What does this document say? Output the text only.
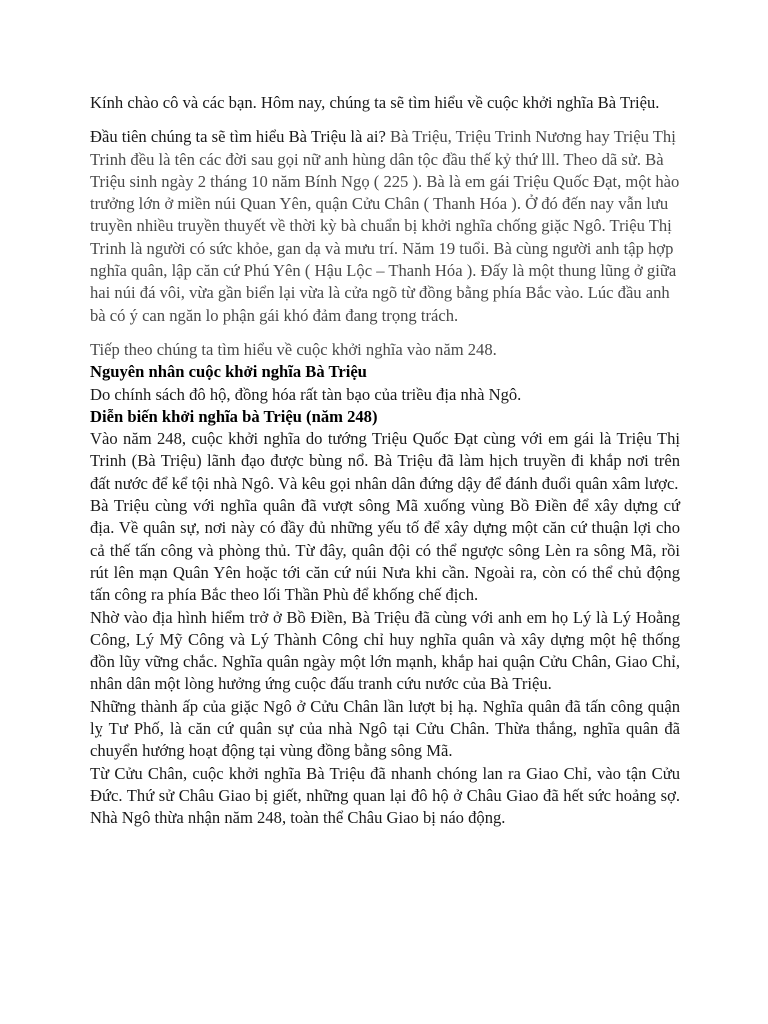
Kính chào cô và các bạn. Hôm nay, chúng ta sẽ tìm hiểu về cuộc khởi nghĩa Bà Triệu.

Đầu tiên chúng ta sẽ tìm hiểu Bà Triệu là ai? Bà Triệu, Triệu Trinh Nương hay Triệu Thị Trinh đều là tên các đời sau gọi nữ anh hùng dân tộc đầu thế kỷ thứ lll. Theo dã sử. Bà Triệu sinh ngày 2 tháng 10 năm Bính Ngọ ( 225 ). Bà là em gái Triệu Quốc Đạt, một hào trưởng lớn ở miền núi Quan Yên, quận Cửu Chân ( Thanh Hóa ). Ở đó đến nay vẫn lưu truyền nhiều truyền thuyết về thời kỳ bà chuẩn bị khởi nghĩa chống giặc Ngô. Triệu Thị Trinh là người có sức khỏe, gan dạ và mưu trí. Năm 19 tuổi. Bà cùng người anh tập hợp nghĩa quân, lập căn cứ Phú Yên ( Hậu Lộc – Thanh Hóa ). Đấy là một thung lũng ở giữa hai núi đá vôi, vừa gần biển lại vừa là cửa ngõ từ đồng bằng phía Bắc vào. Lúc đầu anh bà có ý can ngăn lo phận gái khó đảm đang trọng trách.

Tiếp theo chúng ta tìm hiểu về cuộc khởi nghĩa vào năm 248.

Nguyên nhân cuộc khởi nghĩa Bà Triệu

Do chính sách đô hộ, đồng hóa rất tàn bạo của triều địa nhà Ngô.

Diễn biến khởi nghĩa bà Triệu (năm 248)

Vào năm 248, cuộc khởi nghĩa do tướng Triệu Quốc Đạt cùng với em gái là Triệu Thị Trinh (Bà Triệu) lãnh đạo được bùng nổ. Bà Triệu đã làm hịch truyền đi khắp nơi trên đất nước để kể tội nhà Ngô. Và kêu gọi nhân dân đứng dậy để đánh đuổi quân xâm lược.

Bà Triệu cùng với nghĩa quân đã vượt sông Mã xuống vùng Bồ Điền để xây dựng cứ địa. Về quân sự, nơi này có đầy đủ những yếu tố để xây dựng một căn cứ thuận lợi cho cả thế tấn công và phòng thủ. Từ đây, quân đội có thể ngược sông Lèn ra sông Mã, rồi rút lên mạn Quân Yên hoặc tới căn cứ núi Nưa khi cần. Ngoài ra, còn có thể chủ động tấn công ra phía Bắc theo lối Thần Phù để khống chế địch.

Nhờ vào địa hình hiểm trở ở Bồ Điền, Bà Triệu đã cùng với anh em họ Lý là Lý Hoằng Công, Lý Mỹ Công và Lý Thành Công chỉ huy nghĩa quân và xây dựng một hệ thống đồn lũy vững chắc. Nghĩa quân ngày một lớn mạnh, khắp hai quận Cửu Chân, Giao Chỉ, nhân dân một lòng hưởng ứng cuộc đấu tranh cứu nước của Bà Triệu.

Những thành ấp của giặc Ngô ở Cửu Chân lần lượt bị hạ. Nghĩa quân đã tấn công quận lỵ Tư Phố, là căn cứ quân sự của nhà Ngô tại Cửu Chân. Thừa thắng, nghĩa quân đã chuyển hướng hoạt động tại vùng đồng bằng sông Mã.

Từ Cửu Chân, cuộc khởi nghĩa Bà Triệu đã nhanh chóng lan ra Giao Chỉ, vào tận Cửu Đức. Thứ sử Châu Giao bị giết, những quan lại đô hộ ở Châu Giao đã hết sức hoảng sợ. Nhà Ngô thừa nhận năm 248, toàn thể Châu Giao bị náo động.
